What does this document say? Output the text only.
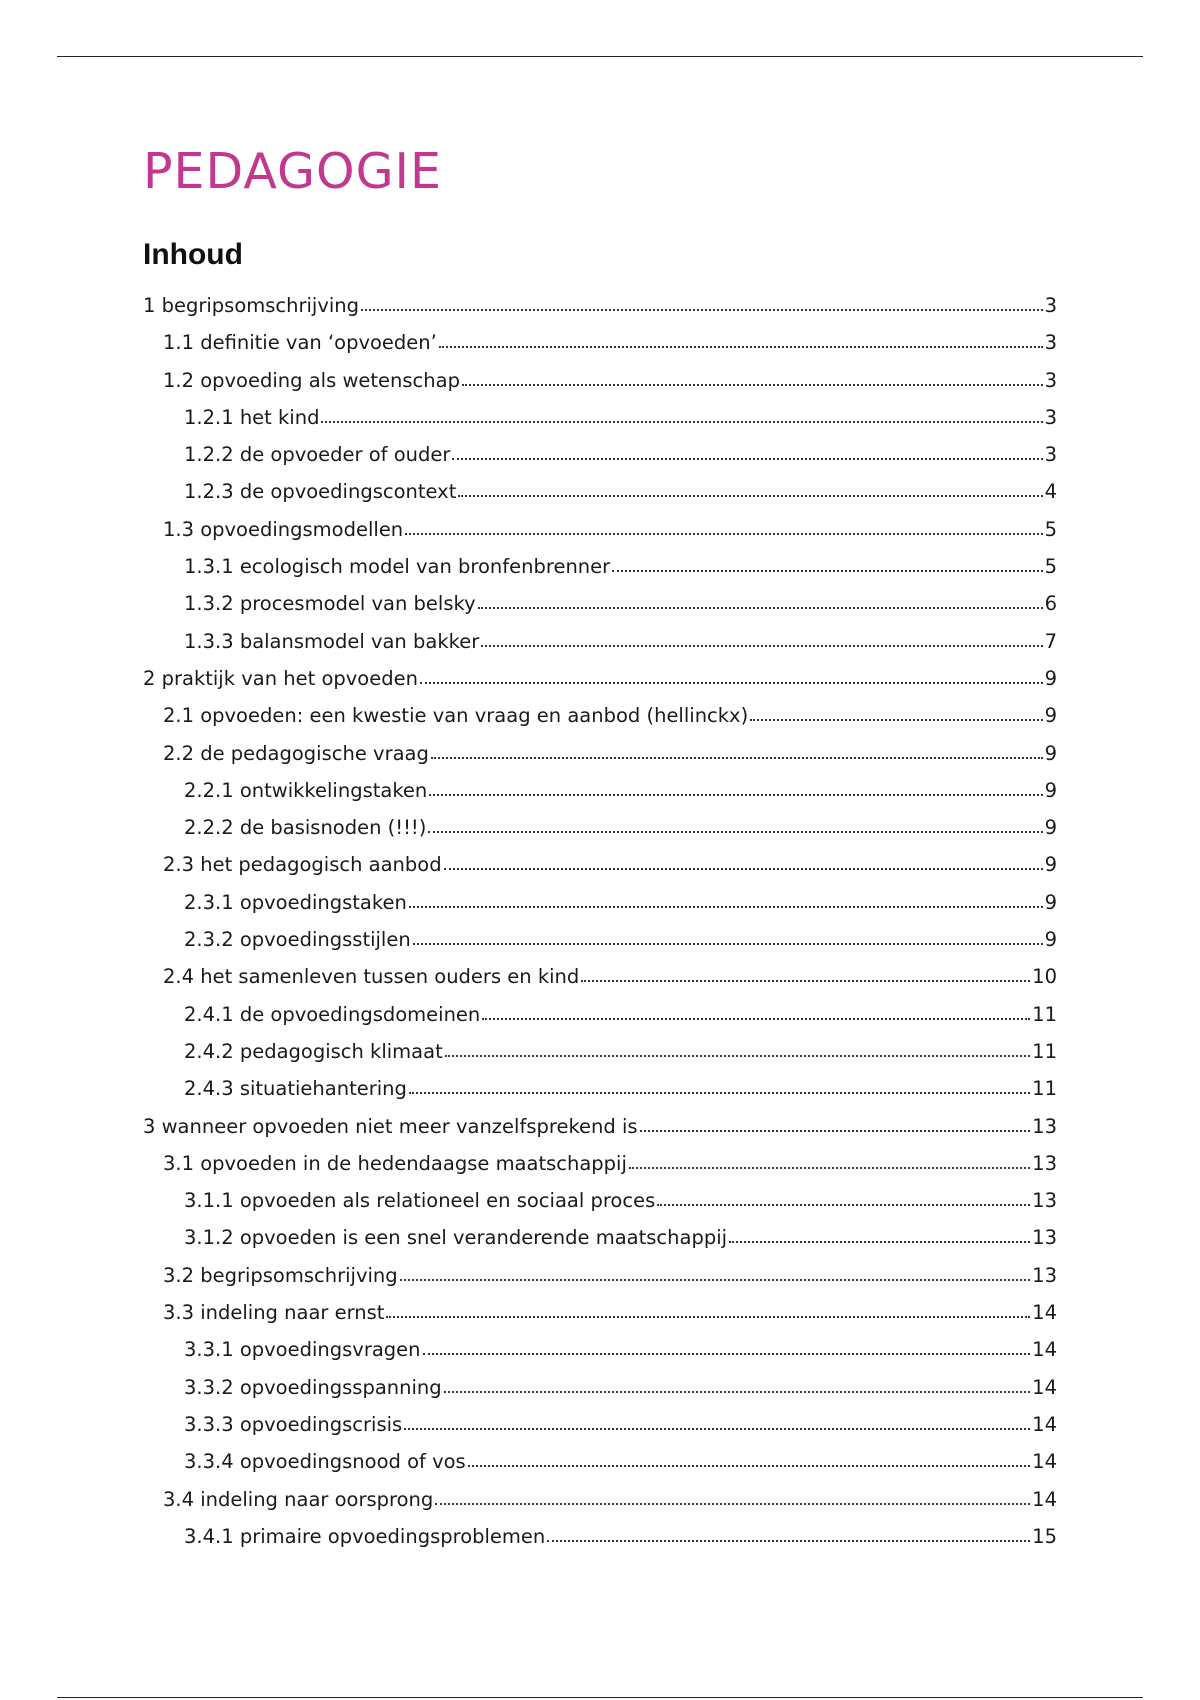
PEDAGOGIE
Inhoud
1 begripsomschrijving	3
1.1 definitie van ‘opvoeden’	3
1.2 opvoeding als wetenschap	3
1.2.1 het kind	3
1.2.2 de opvoeder of ouder	3
1.2.3 de opvoedingscontext	4
1.3 opvoedingsmodellen	5
1.3.1 ecologisch model van bronfenbrenner	5
1.3.2 procesmodel van belsky	6
1.3.3 balansmodel van bakker	7
2 praktijk van het opvoeden	9
2.1 opvoeden: een kwestie van vraag en aanbod (hellinckx)	9
2.2 de pedagogische vraag	9
2.2.1 ontwikkelingstaken	9
2.2.2 de basisnoden (!!!)	9
2.3 het pedagogisch aanbod	9
2.3.1 opvoedingstaken	9
2.3.2 opvoedingsstijlen	9
2.4 het samenleven tussen ouders en kind	10
2.4.1 de opvoedingsdomeinen	11
2.4.2 pedagogisch klimaat	11
2.4.3 situatiehantering	11
3 wanneer opvoeden niet meer vanzelfsprekend is	13
3.1 opvoeden in de hedendaagse maatschappij	13
3.1.1 opvoeden als relationeel en sociaal proces	13
3.1.2 opvoeden is een snel veranderende maatschappij	13
3.2 begripsomschrijving	13
3.3 indeling naar ernst	14
3.3.1 opvoedingsvragen	14
3.3.2 opvoedingsspanning	14
3.3.3 opvoedingscrisis	14
3.3.4 opvoedingsnood of vos	14
3.4 indeling naar oorsprong	14
3.4.1 primaire opvoedingsproblemen	15
